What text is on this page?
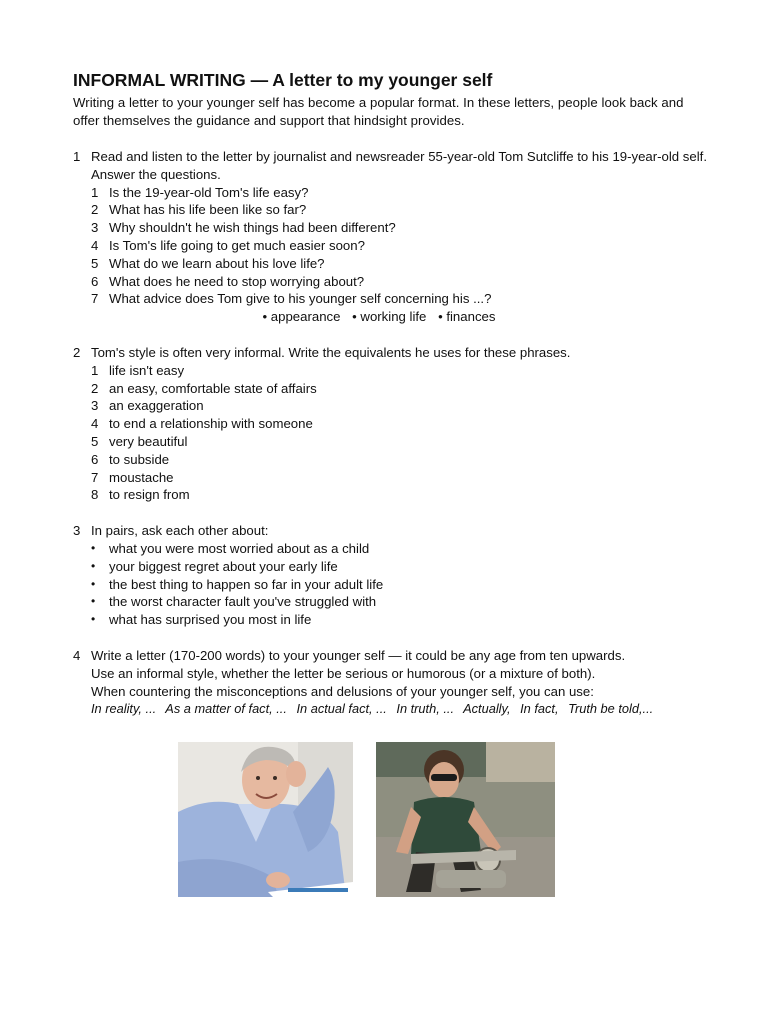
INFORMAL WRITING — A letter to my younger self

Writing a letter to your younger self has become a popular format. In these letters, people look back and offer themselves the guidance and support that hindsight provides.

1 Read and listen to the letter by journalist and newsreader 55-year-old Tom Sutcliffe to his 19-year-old self. Answer the questions.
1 Is the 19-year-old Tom's life easy?
2 What has his life been like so far?
3 Why shouldn't he wish things had been different?
4 Is Tom's life going to get much easier soon?
5 What do we learn about his love life?
6 What does he need to stop worrying about?
7 What advice does Tom give to his younger self concerning his ...?
• appearance • working life • finances
2 Tom's style is often very informal. Write the equivalents he uses for these phrases.
1 life isn't easy
2 an easy, comfortable state of affairs
3 an exaggeration
4 to end a relationship with someone
5 very beautiful
6 to subside
7 moustache
8 to resign from
3 In pairs, ask each other about:
•	what you were most worried about as a child
•	your biggest regret about your early life
•	the best thing to happen so far in your adult life
•	the worst character fault you've struggled with
•	what has surprised you most in life
4 Write a letter (170-200 words) to your younger self — it could be any age from ten upwards.
Use an informal style, whether the letter be serious or humorous (or a mixture of both).
When countering the misconceptions and delusions of your younger self, you can use:
In reality, ... As a matter of fact, ... In actual fact, ... In truth, ... Actually, In fact, Truth be told,...
